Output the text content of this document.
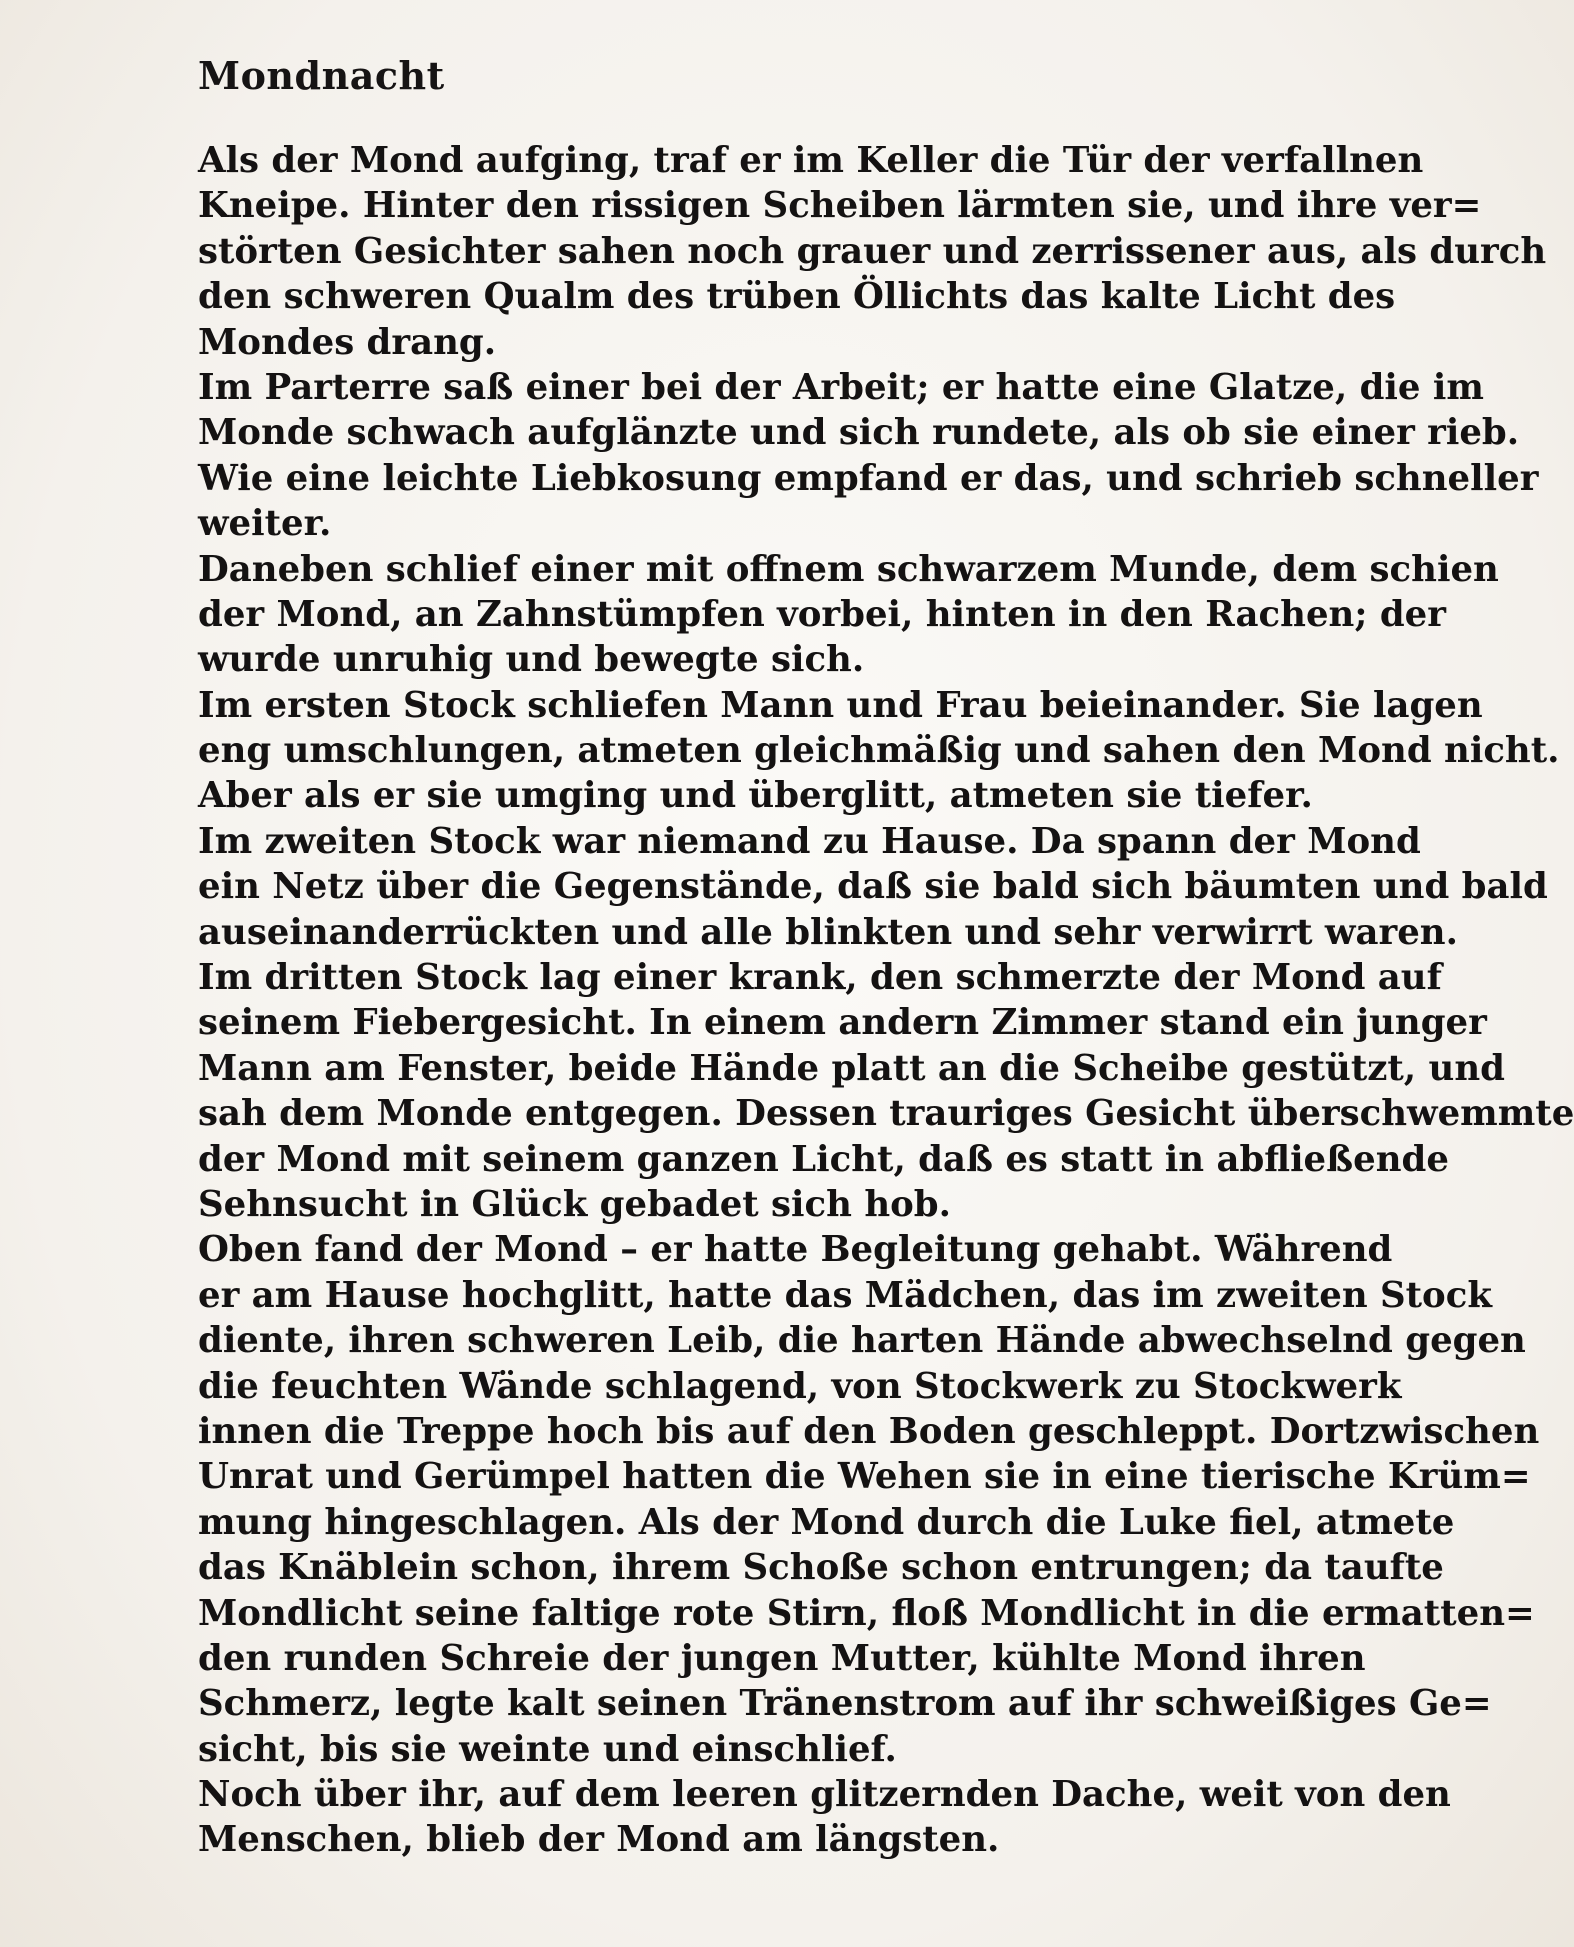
Mondnacht
Als der Mond aufging, traf er im Keller die Tür der verfallnen
Kneipe. Hinter den rissigen Scheiben lärmten sie, und ihre ver=
störten Gesichter sahen noch grauer und zerrissener aus, als durch
den schweren Qualm des trüben Öllichts das kalte Licht des
Mondes drang.
Im Parterre saß einer bei der Arbeit; er hatte eine Glatze, die im
Monde schwach aufglänzte und sich rundete, als ob sie einer rieb.
Wie eine leichte Liebkosung empfand er das, und schrieb schneller
weiter.
Daneben schlief einer mit offnem schwarzem Munde, dem schien
der Mond, an Zahnstümpfen vorbei, hinten in den Rachen; der
wurde unruhig und bewegte sich.
Im ersten Stock schliefen Mann und Frau beieinander. Sie lagen
eng umschlungen, atmeten gleichmäßig und sahen den Mond nicht.
Aber als er sie umging und überglitt, atmeten sie tiefer.
Im zweiten Stock war niemand zu Hause. Da spann der Mond
ein Netz über die Gegenstände, daß sie bald sich bäumten und bald
auseinanderrückten und alle blinkten und sehr verwirrt waren.
Im dritten Stock lag einer krank, den schmerzte der Mond auf
seinem Fiebergesicht. In einem andern Zimmer stand ein junger
Mann am Fenster, beide Hände platt an die Scheibe gestützt, und
sah dem Monde entgegen. Dessen trauriges Gesicht überschwemmte
der Mond mit seinem ganzen Licht, daß es statt in abfließende
Sehnsucht in Glück gebadet sich hob.
Oben fand der Mond – er hatte Begleitung gehabt. Während
er am Hause hochglitt, hatte das Mädchen, das im zweiten Stock
diente, ihren schweren Leib, die harten Hände abwechselnd gegen
die feuchten Wände schlagend, von Stockwerk zu Stockwerk
innen die Treppe hoch bis auf den Boden geschleppt. Dortzwischen
Unrat und Gerümpel hatten die Wehen sie in eine tierische Krüm=
mung hingeschlagen. Als der Mond durch die Luke fiel, atmete
das Knäblein schon, ihrem Schoße schon entrungen; da taufte
Mondlicht seine faltige rote Stirn, floß Mondlicht in die ermatten=
den runden Schreie der jungen Mutter, kühlte Mond ihren
Schmerz, legte kalt seinen Tränenstrom auf ihr schweißiges Ge=
sicht, bis sie weinte und einschlief.
Noch über ihr, auf dem leeren glitzernden Dache, weit von den
Menschen, blieb der Mond am längsten.
